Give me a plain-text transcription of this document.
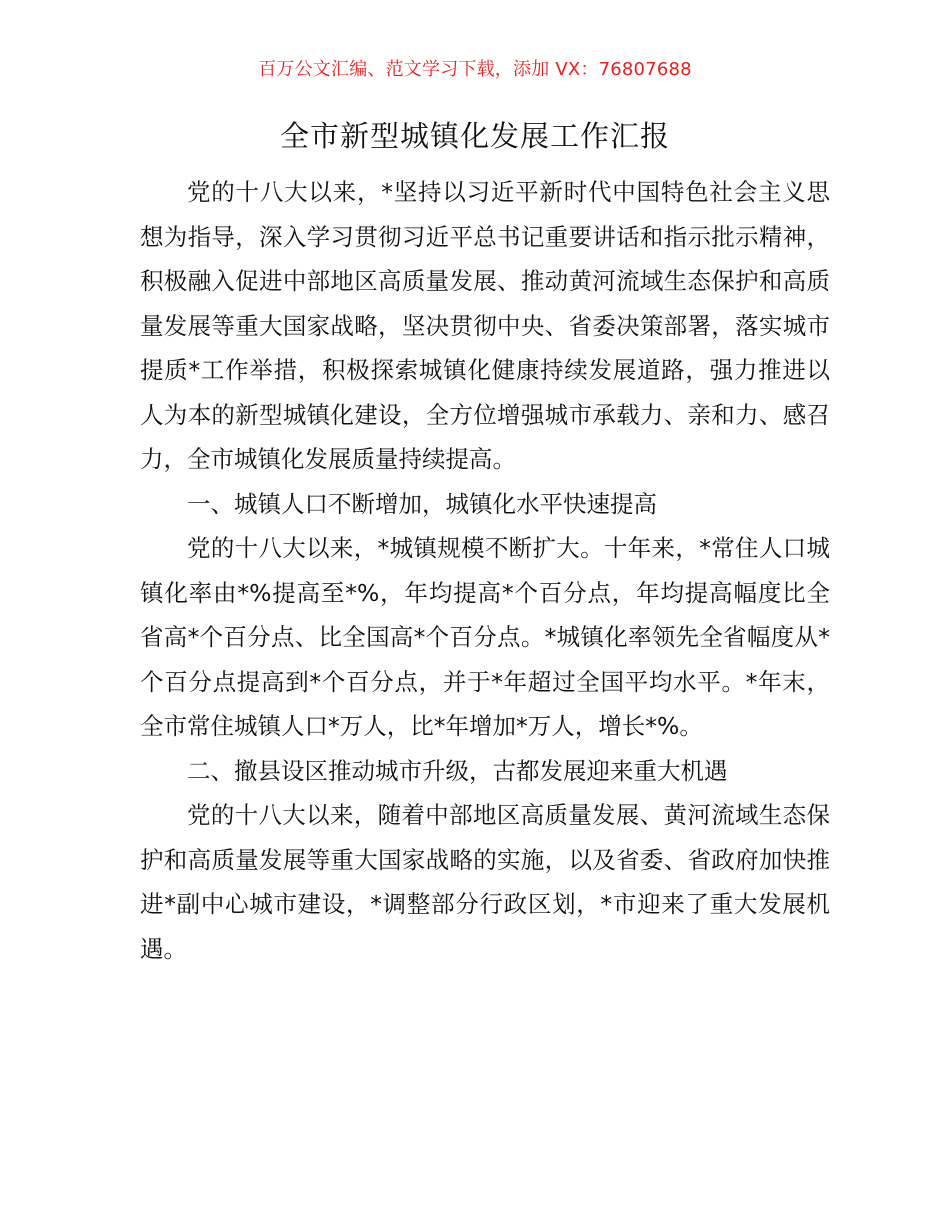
百万公文汇编、范文学习下载，添加 VX：76807688
全市新型城镇化发展工作汇报

党的十八大以来，*坚持以习近平新时代中国特色社会主义思想为指导，深入学习贯彻习近平总书记重要讲话和指示批示精神，积极融入促进中部地区高质量发展、推动黄河流域生态保护和高质量发展等重大国家战略，坚决贯彻中央、省委决策部署，落实城市提质*工作举措，积极探索城镇化健康持续发展道路，强力推进以人为本的新型城镇化建设，全方位增强城市承载力、亲和力、感召力，全市城镇化发展质量持续提高。

一、城镇人口不断增加，城镇化水平快速提高

党的十八大以来，*城镇规模不断扩大。十年来，*常住人口城镇化率由*%提高至*%，年均提高*个百分点，年均提高幅度比全省高*个百分点、比全国高*个百分点。*城镇化率领先全省幅度从*个百分点提高到*个百分点，并于*年超过全国平均水平。*年末，全市常住城镇人口*万人，比*年增加*万人，增长*%。

二、撤县设区推动城市升级，古都发展迎来重大机遇

党的十八大以来，随着中部地区高质量发展、黄河流域生态保护和高质量发展等重大国家战略的实施，以及省委、省政府加快推进*副中心城市建设，*调整部分行政区划，*市迎来了重大发展机遇。
